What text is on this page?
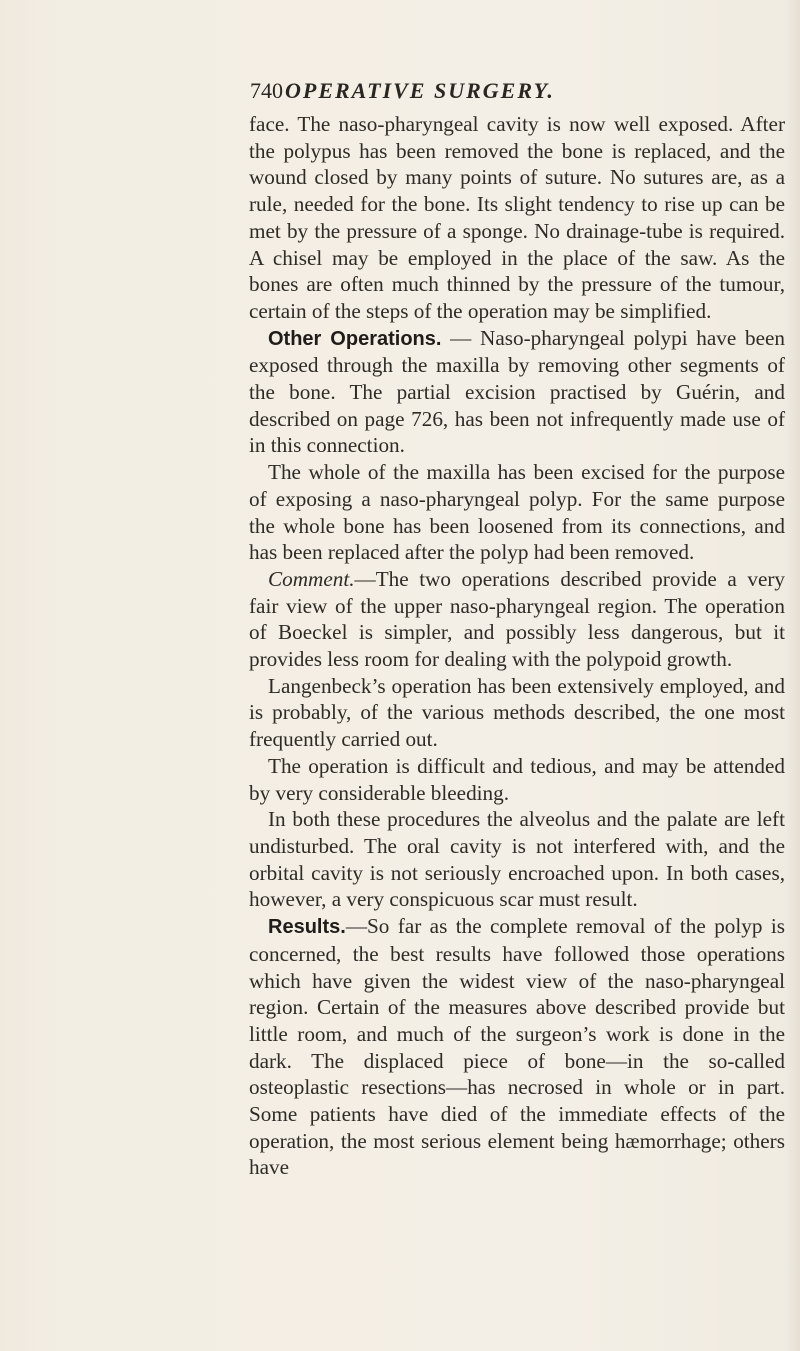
740 OPERATIVE SURGERY.

face. The naso-pharyngeal cavity is now well exposed. After the polypus has been removed the bone is replaced, and the wound closed by many points of suture. No sutures are, as a rule, needed for the bone. Its slight tendency to rise up can be met by the pressure of a sponge. No drainage-tube is required. A chisel may be employed in the place of the saw. As the bones are often much thinned by the pressure of the tumour, certain of the steps of the operation may be simplified.

Other Operations. — Naso-pharyngeal polypi have been exposed through the maxilla by removing other segments of the bone. The partial excision practised by Guérin, and described on page 726, has been not infrequently made use of in this connection.

The whole of the maxilla has been excised for the purpose of exposing a naso-pharyngeal polyp. For the same purpose the whole bone has been loosened from its connections, and has been replaced after the polyp had been removed.

Comment.—The two operations described provide a very fair view of the upper naso-pharyngeal region. The operation of Boeckel is simpler, and possibly less dangerous, but it provides less room for dealing with the polypoid growth.

Langenbeck’s operation has been extensively employed, and is probably, of the various methods described, the one most frequently carried out.

The operation is difficult and tedious, and may be attended by very considerable bleeding.

In both these procedures the alveolus and the palate are left undisturbed. The oral cavity is not interfered with, and the orbital cavity is not seriously encroached upon. In both cases, however, a very conspicuous scar must result.

Results.—So far as the complete removal of the polyp is concerned, the best results have followed those operations which have given the widest view of the naso-pharyngeal region. Certain of the measures above described provide but little room, and much of the surgeon’s work is done in the dark. The displaced piece of bone—in the so-called osteoplastic resections—has necrosed in whole or in part. Some patients have died of the immediate effects of the operation, the most serious element being hæmorrhage; others have
